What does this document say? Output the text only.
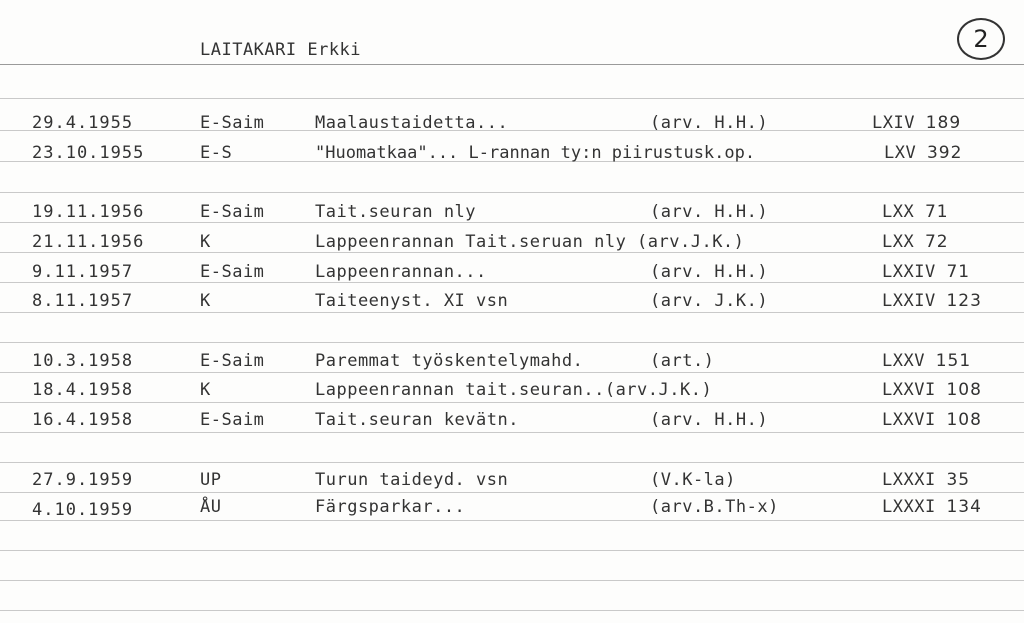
LAITAKARI Erkki	2
29.4.1955	E-Saim	Maalaustaidetta...	(arv. H.H.)	LXIV 189
23.10.1955	E-S	"Huomatkaa"... L-rannan ty:n piirustusk.op.	LXV 392
19.11.1956	E-Saim	Tait.seuran nly	(arv. H.H.)	LXX 71
21.11.1956	K	Lappeenrannan Tait.seruan nly (arv.J.K.)	LXX 72
9.11.1957	E-Saim	Lappeenrannan...	(arv. H.H.)	LXXIV 71
8.11.1957	K	Taiteenyst. XI vsn	(arv. J.K.)	LXXIV 123
10.3.1958	E-Saim	Paremmat työskentelymahd.	(art.)	LXXV 151
18.4.1958	K	Lappeenrannan tait.seuran..(arv.J.K.)	LXXVI 108
16.4.1958	E-Saim	Tait.seuran kevätn.	(arv. H.H.)	LXXVI 108
27.9.1959	UP	Turun taideyd. vsn	(V.K-la)	LXXXI 35
4.10.1959	ÅU	Färgsparkar...	(arv.B.Th-x)	LXXXI 134
